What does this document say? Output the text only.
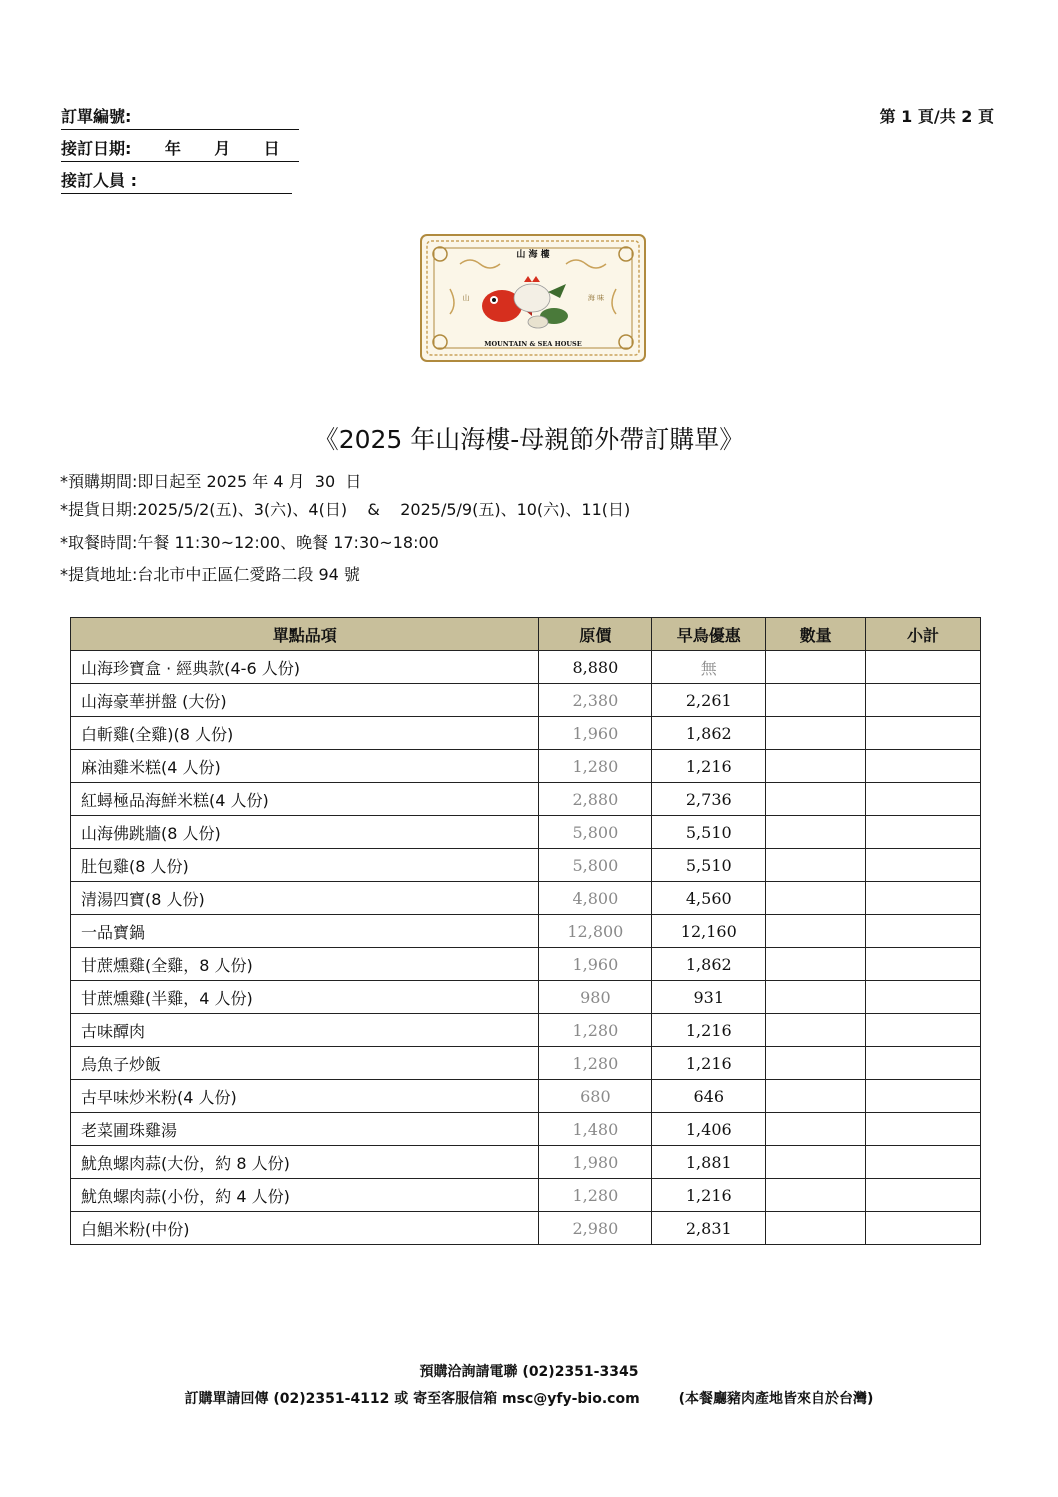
訂單編號:
接訂日期:      年      月      日
接訂人員 :
第 1 頁/共 2 頁
山 海 樓
山	海 味
MOUNTAIN & SEA HOUSE
《2025 年山海樓-母親節外帶訂購單》
*預購期間:即日起至 2025 年 4 月  30  日
*提貨日期:2025/5/2(五)、3(六)、4(日)    &    2025/5/9(五)、10(六)、11(日)
*取餐時間:午餐 11:30~12:00、晚餐 17:30~18:00
*提貨地址:台北市中正區仁愛路二段 94 號
單點品項	原價	早鳥優惠	數量	小計
山海珍寶盒 · 經典款(4-6 人份)	8,880	無		
山海豪華拼盤 (大份)	2,380	2,261		
白斬雞(全雞)(8 人份)	1,960	1,862		
麻油雞米糕(4 人份)	1,280	1,216		
紅蟳極品海鮮米糕(4 人份)	2,880	2,736		
山海佛跳牆(8 人份)	5,800	5,510		
肚包雞(8 人份)	5,800	5,510		
清湯四寶(8 人份)	4,800	4,560		
一品寶鍋	12,800	12,160		
甘蔗燻雞(全雞，8 人份)	1,960	1,862		
甘蔗燻雞(半雞，4 人份)	980	931		
古味醰肉	1,280	1,216		
烏魚子炒飯	1,280	1,216		
古早味炒米粉(4 人份)	680	646		
老菜圃珠雞湯	1,480	1,406		
魷魚螺肉蒜(大份，約 8 人份)	1,980	1,881		
魷魚螺肉蒜(小份，約 4 人份)	1,280	1,216		
白鯧米粉(中份)	2,980	2,831		
預購洽詢請電聯 (02)2351-3345
訂購單請回傳 (02)2351-4112 或 寄至客服信箱 msc@yfy-bio.com        (本餐廳豬肉產地皆來自於台灣)
